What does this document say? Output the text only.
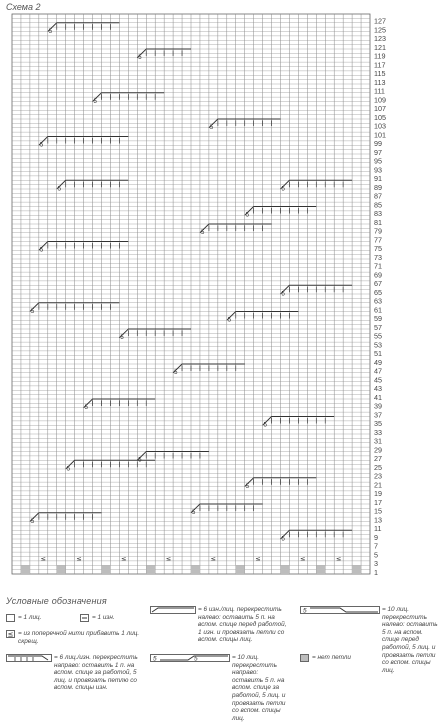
Схема 2
127
125
123
121
119
117
115
113
111
109
107
105
103
101
99
97
95
93
91
89
87
85
83
81
79
77
75
73
71
69
67
65
63
61
59
57
55
53
51
49
47
45
43
41
39
37
35
33
31
29
27
25
23
21
19
17
15
13
11
9
7
5
3
1
5
5
5
5
5
5
5
5
5
5
5
5
5
5
5
5
5
5
5
5
5
5
5
≤	≤	≤	≤	≤	≤	≤	≤
Условные обозначения
= 1 лиц.	= 1 изн.
≤ = из поперечной нити прибавить 1 лиц. скрещ.
= 6 изн./лиц. перекрестить налево: оставить 5 п. на вспом. спице перед работой, 1 изн. и провязать петли со вспом. спицы лиц.
5	= 10 лиц. перекрестить налево: оставить 5 п. на вспом. спице перед работой, 5 лиц. и провязать петли со вспом. спицы лиц.
= 6 лиц./изн. перекрестить направо: оставить 1 п. на вспом. спице за работой, 5 лиц. и провязать петлю со вспом. спицы изн.
5	5	= 10 лиц. перекрестить направо: оставить 5 п. на вспом. спице за работой, 5 лиц. и провязать петли со вспом. спицы лиц.
= нет петли
